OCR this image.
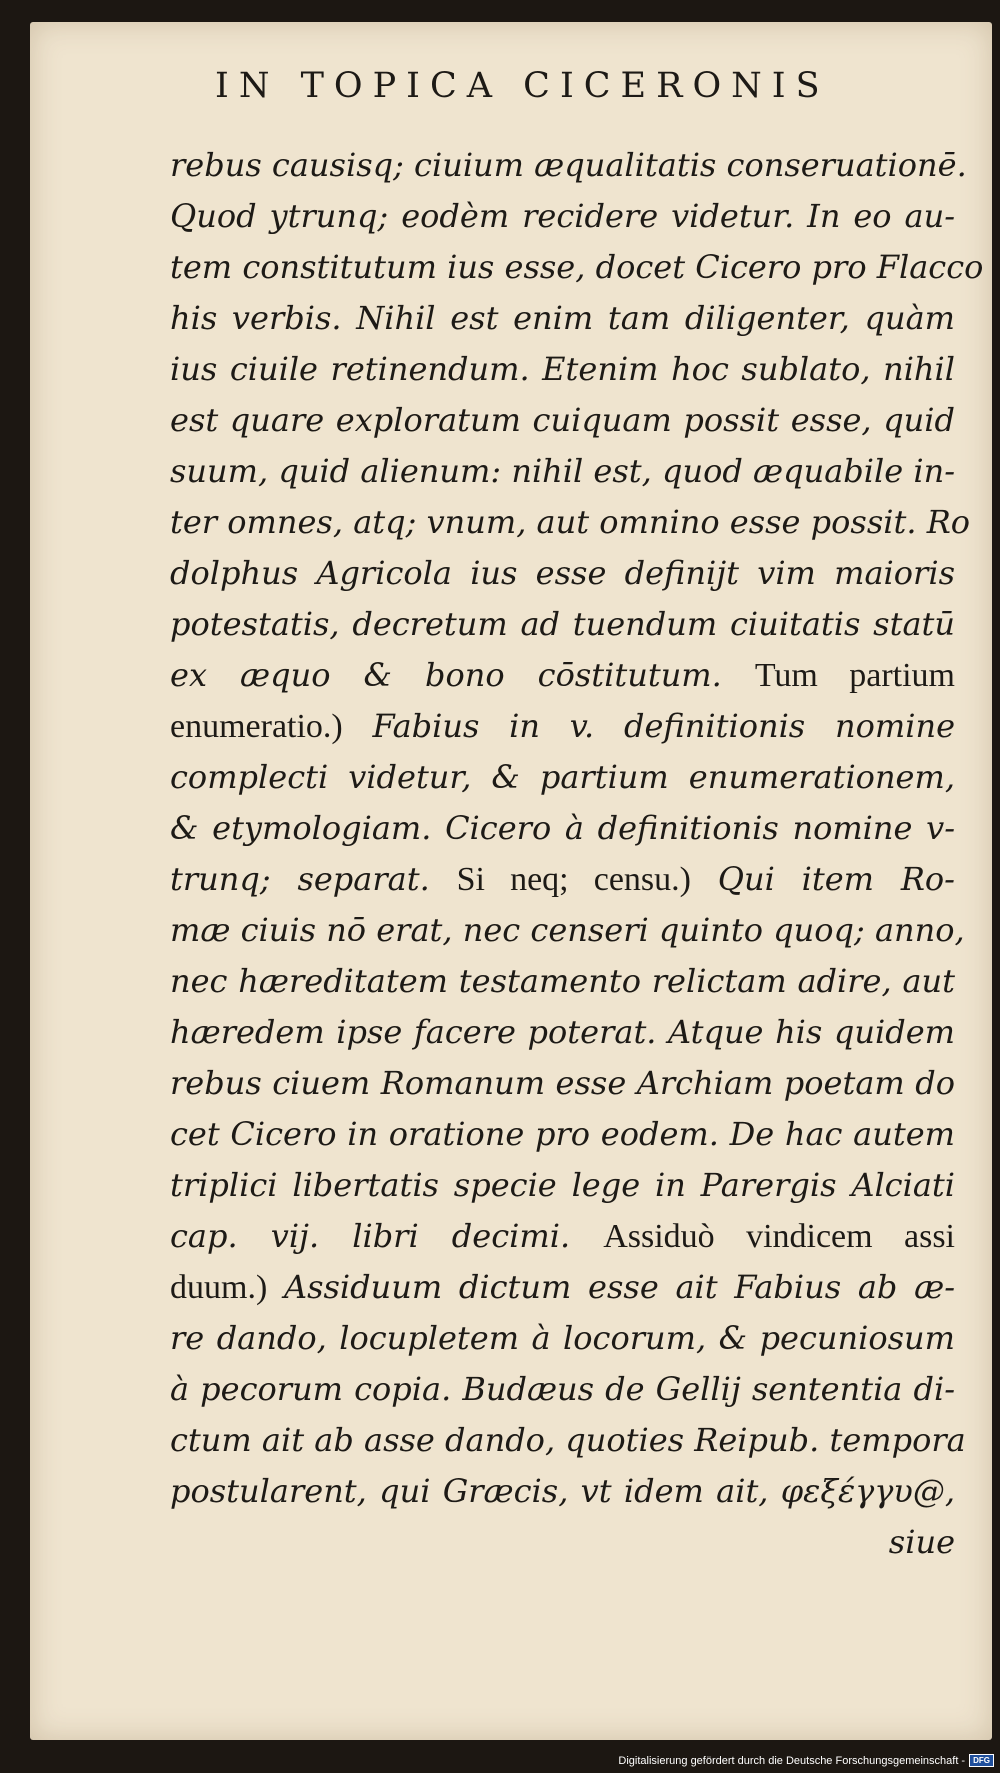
IN TOPICA CICERONIS
rebus causisq; ciuium æqualitatis conseruationē.
Quod ytrunq; eodèm recidere videtur. In eo au-
tem constitutum ius esse, docet Cicero pro Flacco
his verbis. Nihil est enim tam diligenter, quàm
ius ciuile retinendum. Etenim hoc sublato, nihil
est quare exploratum cuiquam possit esse, quid
suum, quid alienum: nihil est, quod æquabile in-
ter omnes, atq; vnum, aut omnino esse possit. Ro
dolphus Agricola ius esse definijt vim maioris
potestatis, decretum ad tuendum ciuitatis statū
ex æquo & bono cōstitutum. Tum partium
enumeratio.) Fabius in v. definitionis nomine
complecti videtur, & partium enumerationem,
& etymologiam. Cicero à definitionis nomine v-
trunq; separat. Si neq; censu.) Qui item Ro-
mæ ciuis nō erat, nec censeri quinto quoq; anno,
nec hæreditatem testamento relictam adire, aut
hæredem ipse facere poterat. Atque his quidem
rebus ciuem Romanum esse Archiam poetam do
cet Cicero in oratione pro eodem. De hac autem
triplici libertatis specie lege in Parergis Alciati
cap. vij. libri decimi. Assiduò vindicem assi
duum.) Assiduum dictum esse ait Fabius ab æ-
re dando, locupletem à locorum, & pecuniosum
à pecorum copia. Budæus de Gellij sententia di-
ctum ait ab asse dando, quoties Reipub. tempora
postularent, qui Græcis, vt idem ait, φεξέγγυ@,
siue
Digitalisierung gefördert durch die Deutsche Forschungsgemeinschaft -	DFG
